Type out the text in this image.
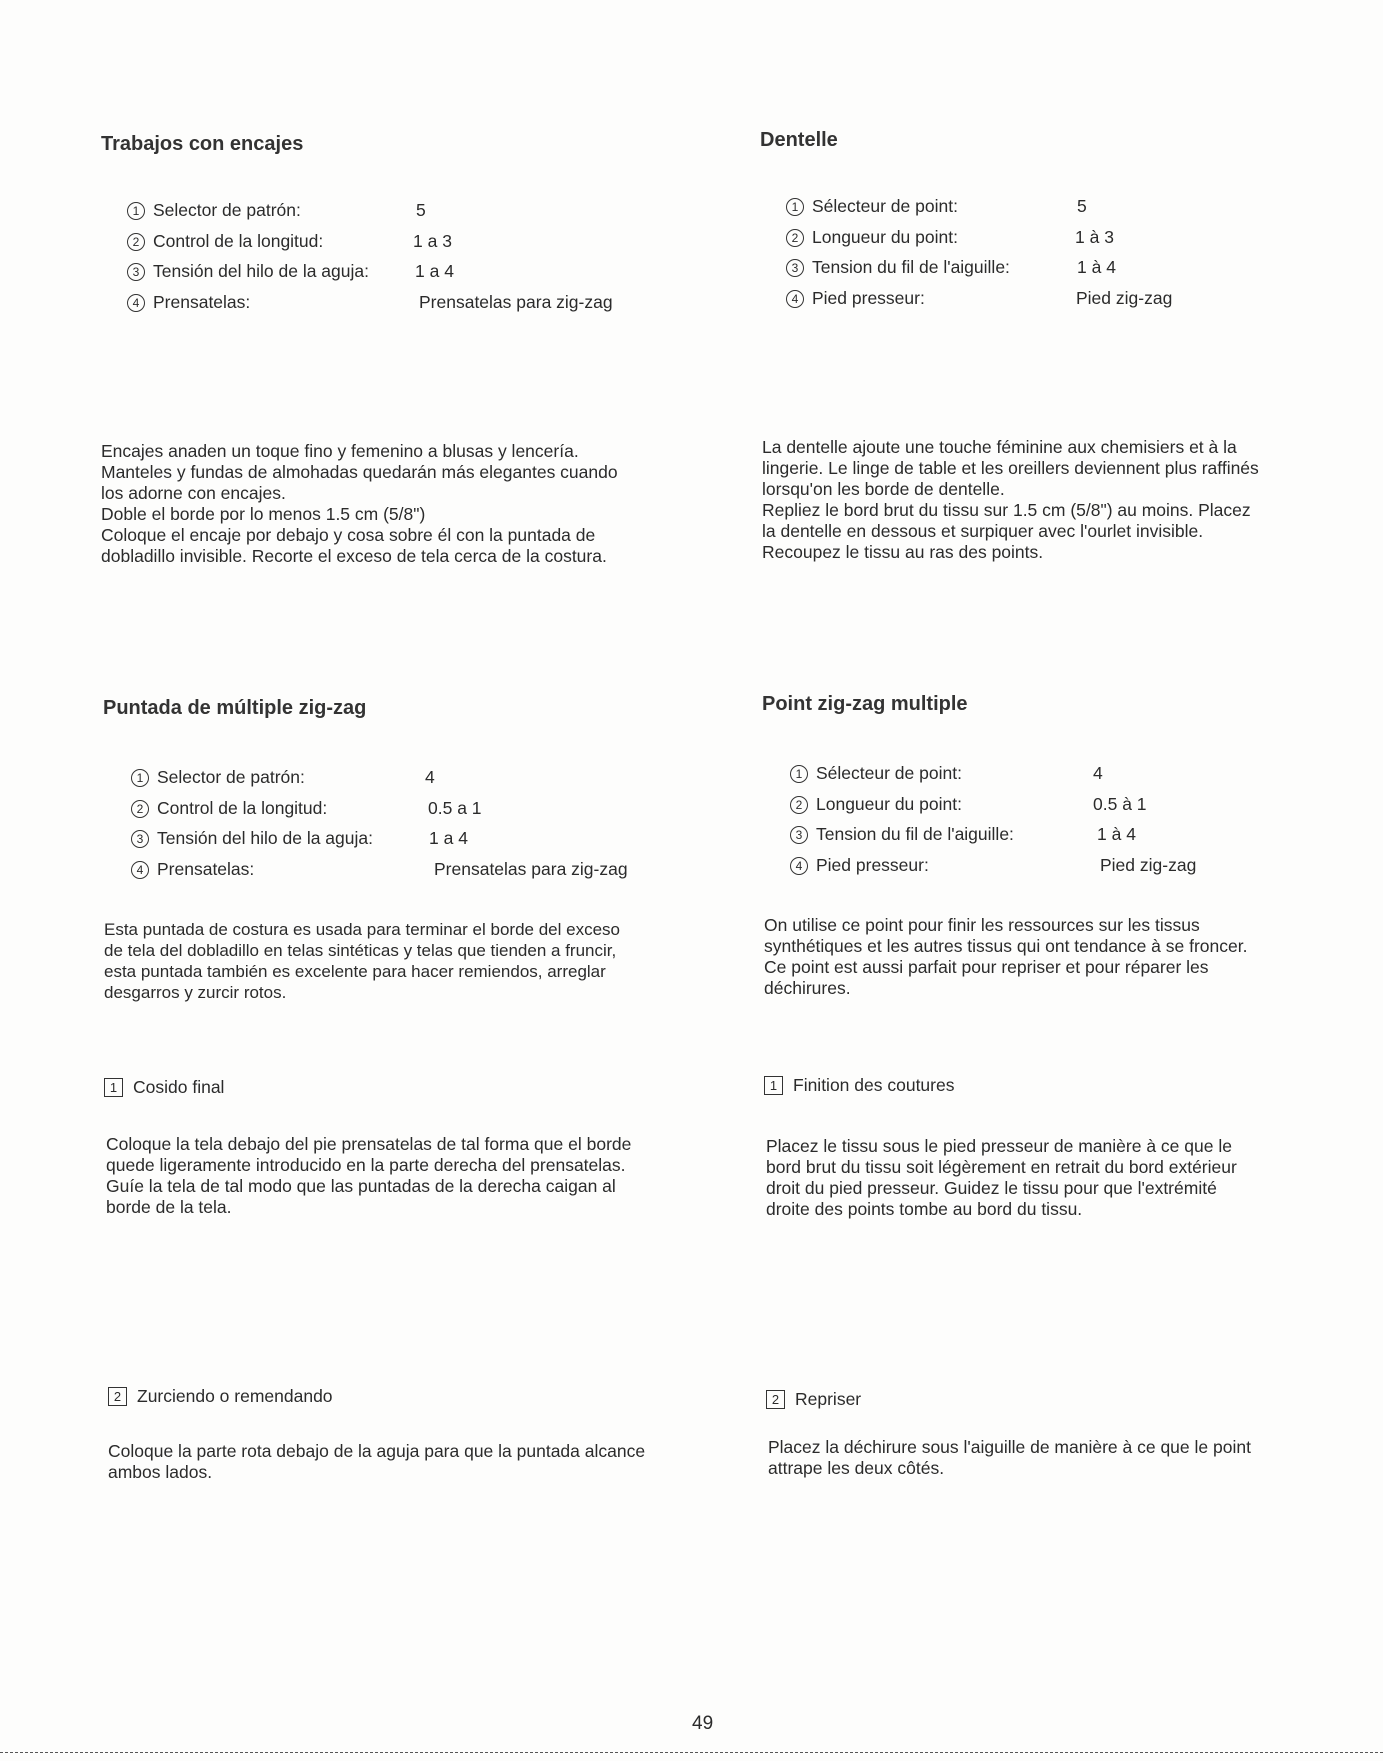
Trabajos con encajes
1 Selector de patrón:	5
2 Control de la longitud:	1 a 3
3 Tensión del hilo de la aguja:	1 a 4
4 Prensatelas:	Prensatelas para zig-zag
Encajes anaden un toque fino y femenino a blusas y lencería.
Manteles y fundas de almohadas quedarán más elegantes cuando
los adorne con encajes.
Doble el borde por lo menos 1.5 cm (5/8")
Coloque el encaje por debajo y cosa sobre él con la puntada de
dobladillo invisible. Recorte el exceso de tela cerca de la costura.
Puntada de múltiple zig-zag
1 Selector de patrón:	4
2 Control de la longitud:	0.5 a 1
3 Tensión del hilo de la aguja:	1 a 4
4 Prensatelas:	Prensatelas para zig-zag
Esta puntada de costura es usada para terminar el borde del exceso
de tela del dobladillo en telas sintéticas y telas que tienden a fruncir,
esta puntada también es excelente para hacer remiendos, arreglar
desgarros y zurcir rotos.
1 Cosido final
Coloque la tela debajo del pie prensatelas de tal forma que el borde
quede ligeramente introducido en la parte derecha del prensatelas.
Guíe la tela de tal modo que las puntadas de la derecha caigan al
borde de la tela.
2 Zurciendo o remendando
Coloque la parte rota debajo de la aguja para que la puntada alcance
ambos lados.
Dentelle
1 Sélecteur de point:	5
2 Longueur du point:	1 à 3
3 Tension du fil de l'aiguille:	1 à 4
4 Pied presseur:	Pied zig-zag
La dentelle ajoute une touche féminine aux chemisiers et à la
lingerie. Le linge de table et les oreillers deviennent plus raffinés
lorsqu'on les borde de dentelle.
Repliez le bord brut du tissu sur 1.5 cm (5/8") au moins. Placez
la dentelle en dessous et surpiquer avec l'ourlet invisible.
Recoupez le tissu au ras des points.
Point zig-zag multiple
1 Sélecteur de point:	4
2 Longueur du point:	0.5 à 1
3 Tension du fil de l'aiguille:	1 à 4
4 Pied presseur:	Pied zig-zag
On utilise ce point pour finir les ressources sur les tissus
synthétiques et les autres tissus qui ont tendance à se froncer.
Ce point est aussi parfait pour repriser et pour réparer les
déchirures.
1 Finition des coutures
Placez le tissu sous le pied presseur de manière à ce que le
bord brut du tissu soit légèrement en retrait du bord extérieur
droit du pied presseur. Guidez le tissu pour que l'extrémité
droite des points tombe au bord du tissu.
2 Repriser
Placez la déchirure sous l'aiguille de manière à ce que le point
attrape les deux côtés.
49
